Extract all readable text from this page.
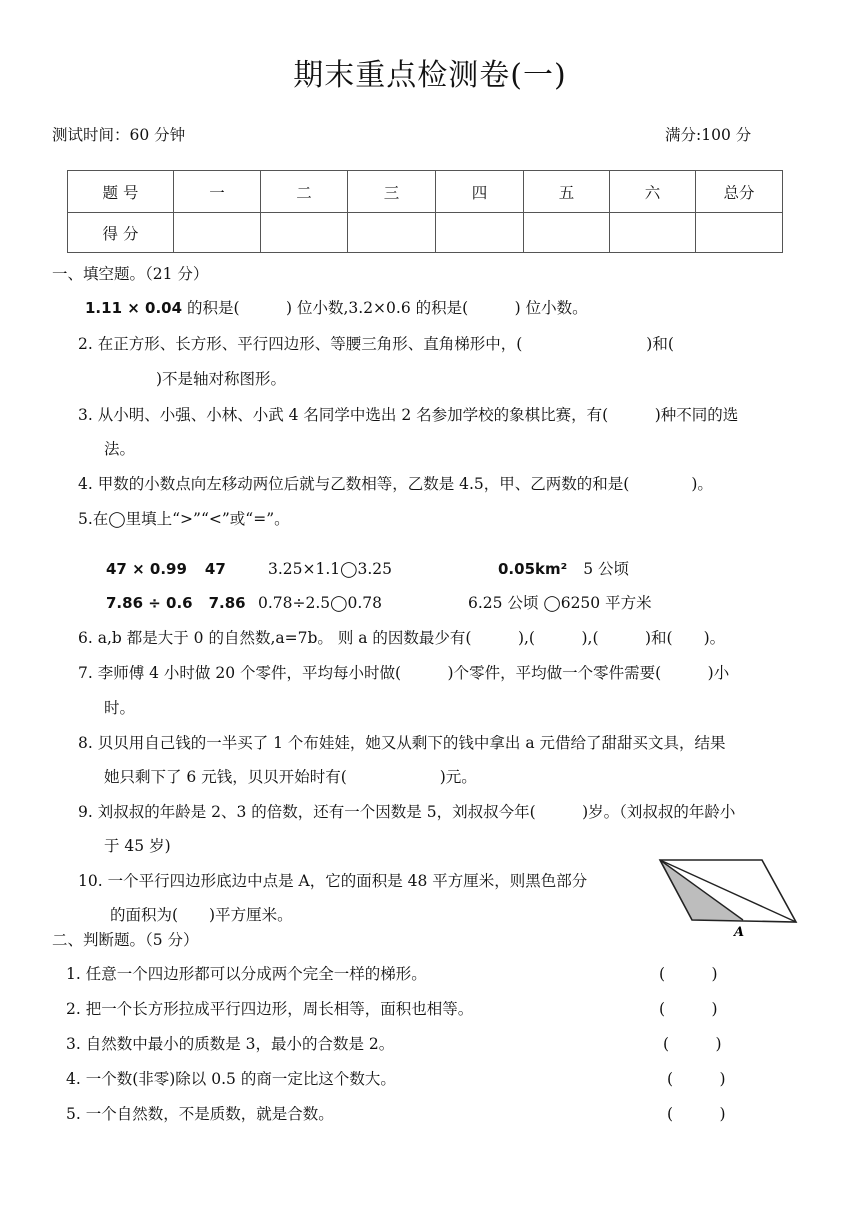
期末重点检测卷(一)
测试时间：60 分钟	满分:100 分
题 号	一	二	三	四	五	六	总分
得 分							
一、填空题。（21 分）
1.11 × 0.04 的积是(　　　) 位小数,3.2×0.6 的积是(　　　) 位小数。
2. 在正方形、长方形、平行四边形、等腰三角形、直角梯形中，(　　　　　　　　)和(
)不是轴对称图形。
3. 从小明、小强、小林、小武 4 名同学中选出 2 名参加学校的象棋比赛，有(　　　)种不同的选
法。
4. 甲数的小数点向左移动两位后就与乙数相等，乙数是 4.5，甲、乙两数的和是(　　　　)。
5.在◯里填上“>”“<”或“=”。
47 × 0.99 47	3.25×1.1◯3.25	0.05km² 5 公顷
7.86 ÷ 0.6 7.86 0.78÷2.5◯0.78	6.25 公顷 ◯6250 平方米
6. a,b 都是大于 0 的自然数,a=7b。 则 a 的因数最少有(　　　),(　　　),(　　　)和(　　)。
7. 李师傅 4 小时做 20 个零件，平均每小时做(　　　)个零件，平均做一个零件需要(　　　)小
时。
8. 贝贝用自己钱的一半买了 1 个布娃娃，她又从剩下的钱中拿出 a 元借给了甜甜买文具，结果
她只剩下了 6 元钱，贝贝开始时有(　　　　　　)元。
9. 刘叔叔的年龄是 2、3 的倍数，还有一个因数是 5，刘叔叔今年(　　　)岁。（刘叔叔的年龄小
于 45 岁)
10. 一个平行四边形底边中点是 A，它的面积是 48 平方厘米，则黑色部分
的面积为(　　)平方厘米。
A
二、判断题。（5 分）
1. 任意一个四边形都可以分成两个完全一样的梯形。	(　　　)
2. 把一个长方形拉成平行四边形，周长相等，面积也相等。	(　　　)
3. 自然数中最小的质数是 3，最小的合数是 2。	(　　　)
4. 一个数(非零)除以 0.5 的商一定比这个数大。	(　　　)
5. 一个自然数，不是质数，就是合数。	(　　　)
